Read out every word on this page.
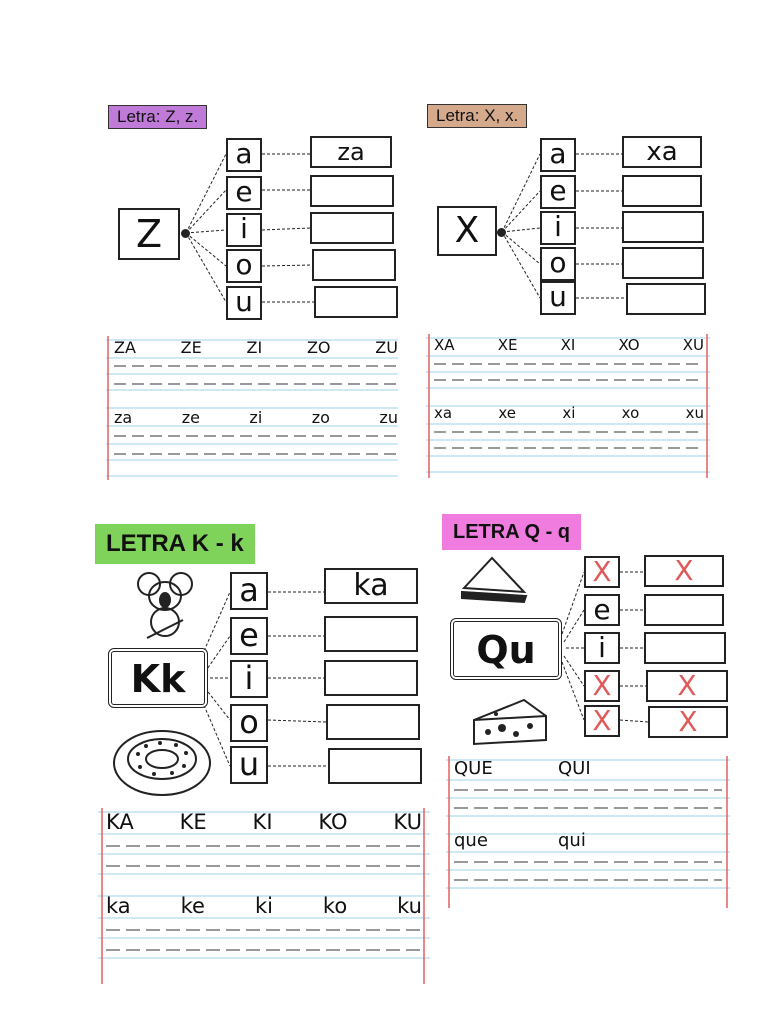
Letra: Z, z.
Z
a
e
i
o
u
za
ZA	ZE	ZI	ZO	ZU
za	ze	zi	zo	zu
Letra: X, x.
X
a
e
i
o
u
xa
XA	XE	XI	XO	XU
xa	xe	xi	xo	xu
LETRA K - k
Kk
a
e
i
o
u
ka
KA KE KI KO KU
ka ke ki ko ku
LETRA Q - q
Qu
X
e
i
X
X
X
X
X
QUE	QUI
que	qui
